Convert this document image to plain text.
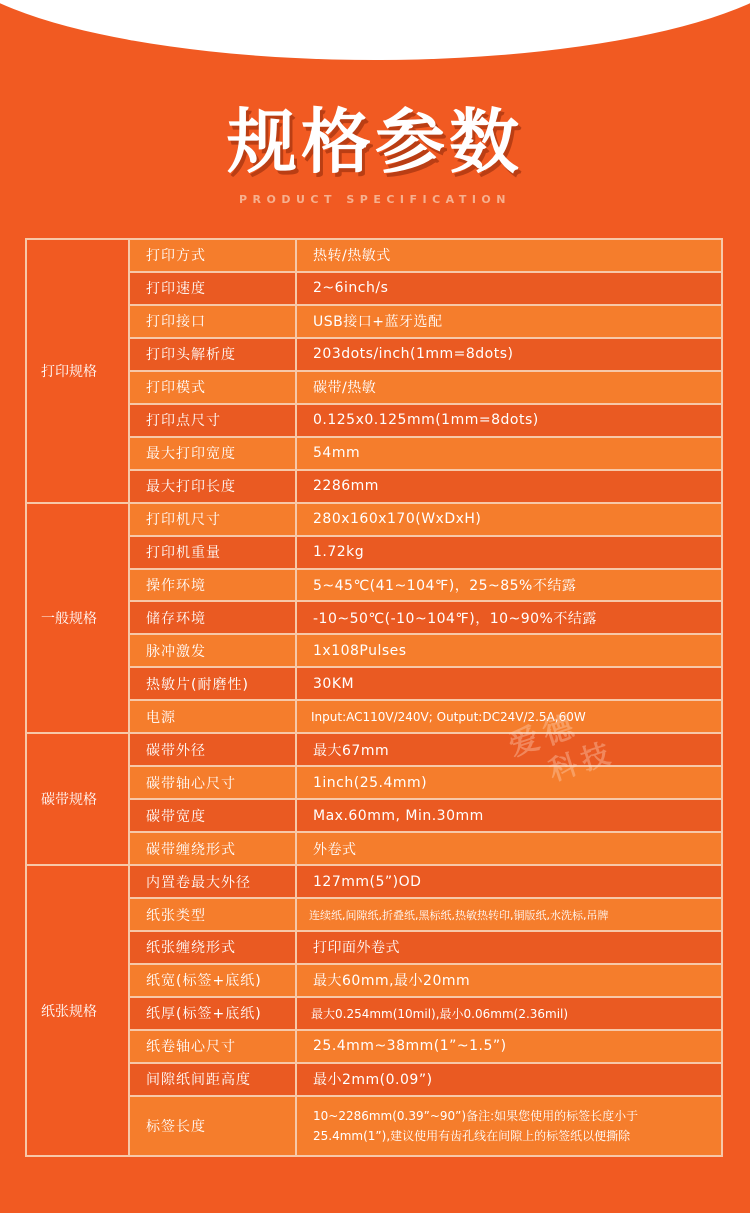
规格参数
PRODUCT SPECIFICATION
打印规格	打印方式	热转/热敏式
	打印速度	2~6inch/s
	打印接口	USB接口+蓝牙选配
	打印头解析度	203dots/inch(1mm=8dots)
	打印模式	碳带/热敏
	打印点尺寸	0.125x0.125mm(1mm=8dots)
	最大打印宽度	54mm
	最大打印长度	2286mm
一般规格	打印机尺寸	280x160x170(WxDxH)
	打印机重量	1.72kg
	操作环境	5~45℃(41~104℉)，25~85%不结露
	储存环境	-10~50℃(-10~104℉)，10~90%不结露
	脉冲激发	1x108Pulses
	热敏片(耐磨性)	30KM
	电源	Input:AC110V/240V; Output:DC24V/2.5A,60W
碳带规格	碳带外径	最大67mm
	碳带轴心尺寸	1inch(25.4mm)
	碳带宽度	Max.60mm, Min.30mm
	碳带缠绕形式	外卷式
纸张规格	内置卷最大外径	127mm(5”)OD
	纸张类型	连续纸,间隙纸,折叠纸,黑标纸,热敏热转印,铜版纸,水洗标,吊牌
	纸张缠绕形式	打印面外卷式
	纸宽(标签+底纸)	最大60mm,最小20mm
	纸厚(标签+底纸)	最大0.254mm(10mil),最小0.06mm(2.36mil)
	纸卷轴心尺寸	25.4mm~38mm(1”~1.5”)
	间隙纸间距高度	最小2mm(0.09”)
	标签长度	10~2286mm(0.39”~90”)备注:如果您使用的标签长度小于25.4mm(1”),建议使用有齿孔线在间隙上的标签纸以便撕除
爱德
科技
